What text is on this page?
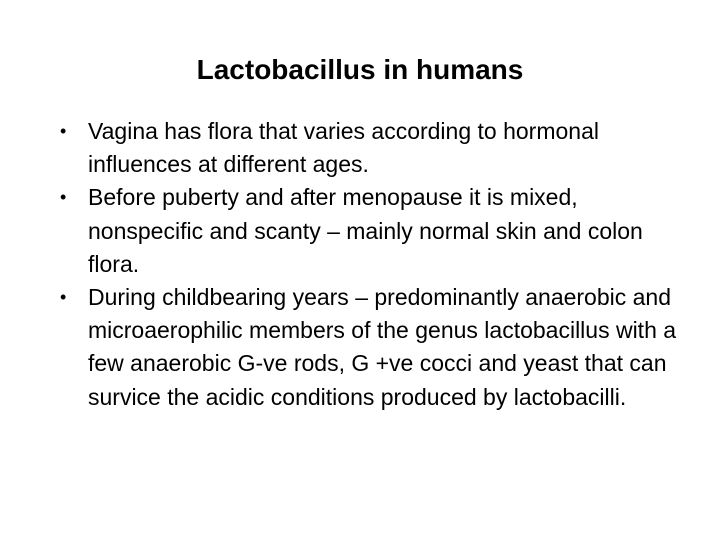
Lactobacillus in humans
• Vagina has flora that varies according to hormonal influences at different ages.
• Before puberty and after menopause it is mixed, nonspecific and scanty – mainly normal skin and colon flora.
• During childbearing years – predominantly anaerobic and microaerophilic members of the genus lactobacillus with a few anaerobic G-ve rods, G +ve cocci and yeast that can survice the acidic conditions produced by lactobacilli.
